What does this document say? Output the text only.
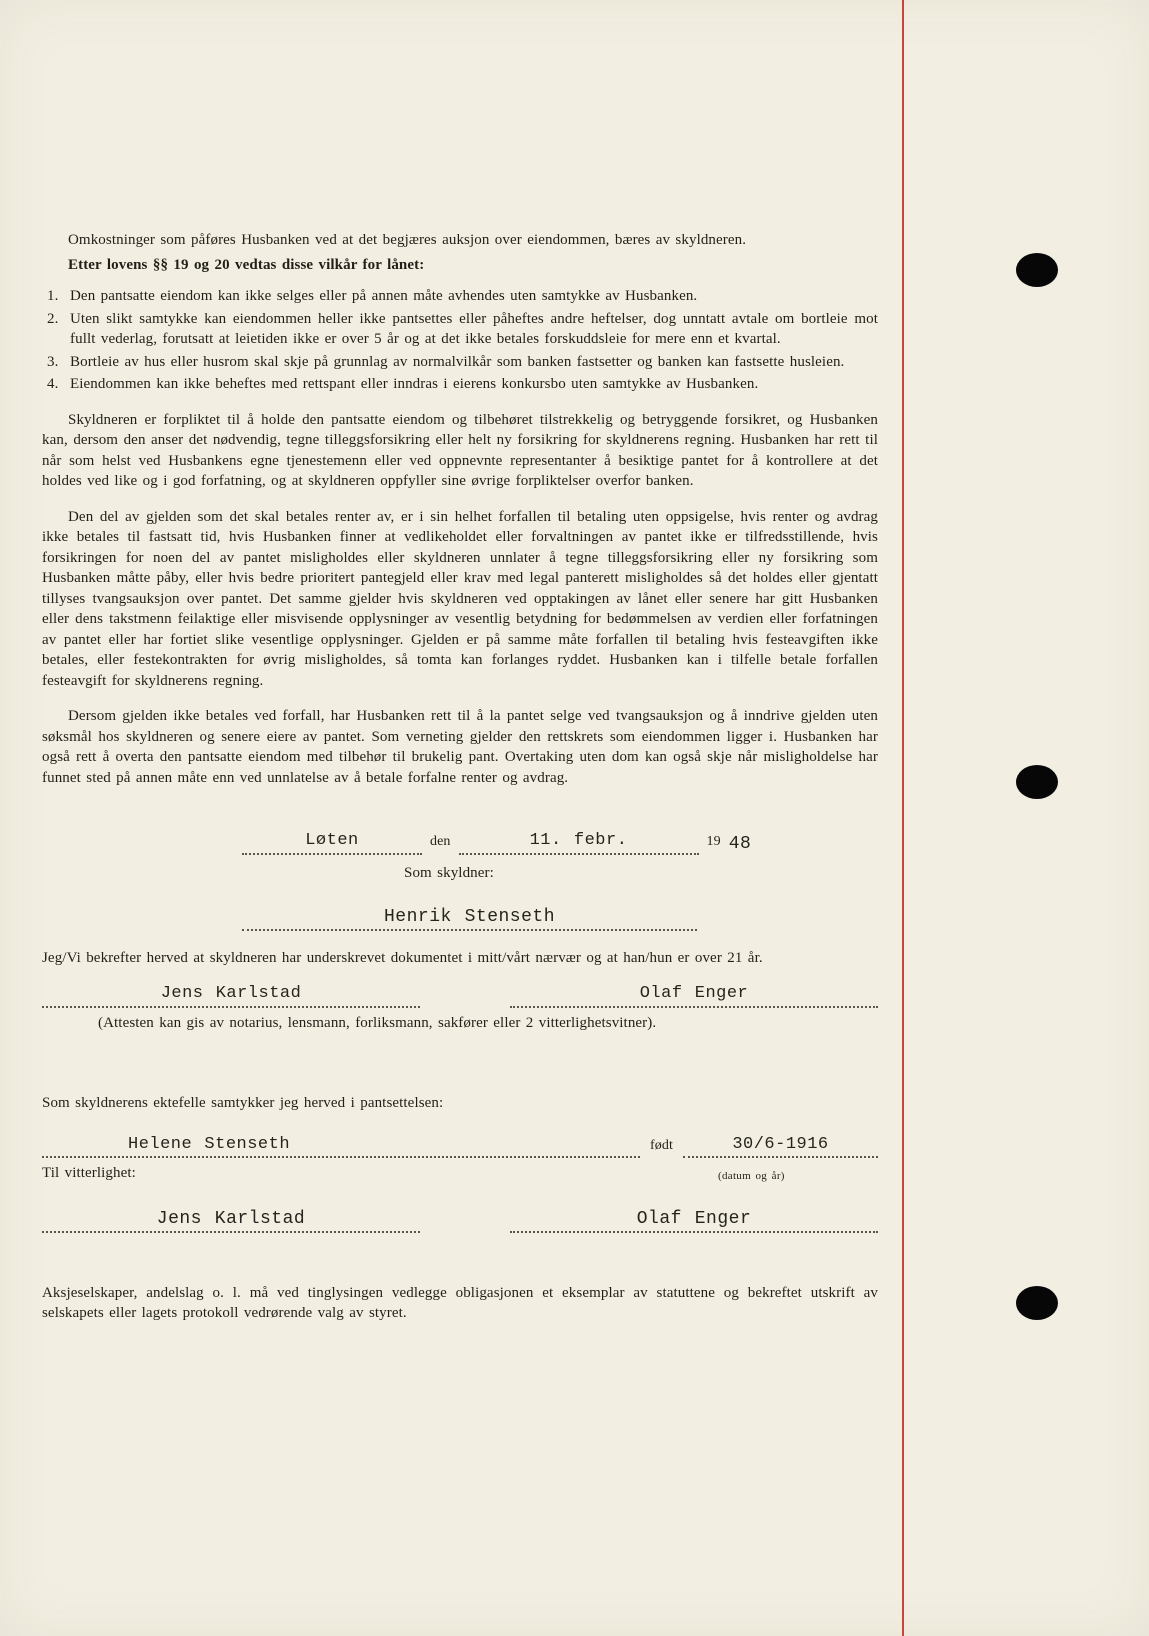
Omkostninger som påføres Husbanken ved at det begjæres auksjon over eiendommen, bæres av skyldneren.

Etter lovens §§ 19 og 20 vedtas disse vilkår for lånet:

1. Den pantsatte eiendom kan ikke selges eller på annen måte avhendes uten samtykke av Husbanken.
2. Uten slikt samtykke kan eiendommen heller ikke pantsettes eller påheftes andre heftelser, dog unntatt avtale om bortleie mot fullt vederlag, forutsatt at leietiden ikke er over 5 år og at det ikke betales forskuddsleie for mere enn et kvartal.
3. Bortleie av hus eller husrom skal skje på grunnlag av normalvilkår som banken fastsetter og banken kan fastsette husleien.
4. Eiendommen kan ikke beheftes med rettspant eller inndras i eierens konkursbo uten samtykke av Husbanken.

Skyldneren er forpliktet til å holde den pantsatte eiendom og tilbehøret tilstrekkelig og betryggende forsikret, og Husbanken kan, dersom den anser det nødvendig, tegne tilleggsforsikring eller helt ny forsikring for skyldnerens regning. Husbanken har rett til når som helst ved Husbankens egne tjenestemenn eller ved oppnevnte representanter å besiktige pantet for å kontrollere at det holdes ved like og i god forfatning, og at skyldneren oppfyller sine øvrige forpliktelser overfor banken.

Den del av gjelden som det skal betales renter av, er i sin helhet forfallen til betaling uten oppsigelse, hvis renter og avdrag ikke betales til fastsatt tid, hvis Husbanken finner at vedlikeholdet eller forvaltningen av pantet ikke er tilfredsstillende, hvis forsikringen for noen del av pantet misligholdes eller skyldneren unnlater å tegne tilleggsforsikring eller ny forsikring som Husbanken måtte påby, eller hvis bedre prioritert pantegjeld eller krav med legal panterett misligholdes så det holdes eller gjentatt tillyses tvangsauksjon over pantet. Det samme gjelder hvis skyldneren ved opptakingen av lånet eller senere har gitt Husbanken eller dens takstmenn feilaktige eller misvisende opplysninger av vesentlig betydning for bedømmelsen av verdien eller forfatningen av pantet eller har fortiet slike vesentlige opplysninger. Gjelden er på samme måte forfallen til betaling hvis festeavgiften ikke betales, eller festekontrakten for øvrig misligholdes, så tomta kan forlanges ryddet. Husbanken kan i tilfelle betale forfallen festeavgift for skyldnerens regning.

Dersom gjelden ikke betales ved forfall, har Husbanken rett til å la pantet selge ved tvangsauksjon og å inndrive gjelden uten søksmål hos skyldneren og senere eiere av pantet. Som verneting gjelder den rettskrets som eiendommen ligger i. Husbanken har også rett å overta den pantsatte eiendom med tilbehør til brukelig pant. Overtaking uten dom kan også skje når misligholdelse har funnet sted på annen måte enn ved unnlatelse av å betale forfalne renter og avdrag.

Løten	den	11. febr.	19 48

Som skyldner:

Henrik Stenseth

Jeg/Vi bekrefter herved at skyldneren har underskrevet dokumentet i mitt/vårt nærvær og at han/hun er over 21 år.

Jens Karlstad	Olaf Enger

(Attesten kan gis av notarius, lensmann, forliksmann, sakfører eller 2 vitterlighetsvitner).

Som skyldnerens ektefelle samtykker jeg herved i pantsettelsen:

Helene Stenseth	født	30/6-1916
Til vitterlighet:	(datum og år)
Jens Karlstad	Olaf Enger

Aksjeselskaper, andelslag o. l. må ved tinglysingen vedlegge obligasjonen et eksemplar av statuttene og bekreftet utskrift av selskapets eller lagets protokoll vedrørende valg av styret.
